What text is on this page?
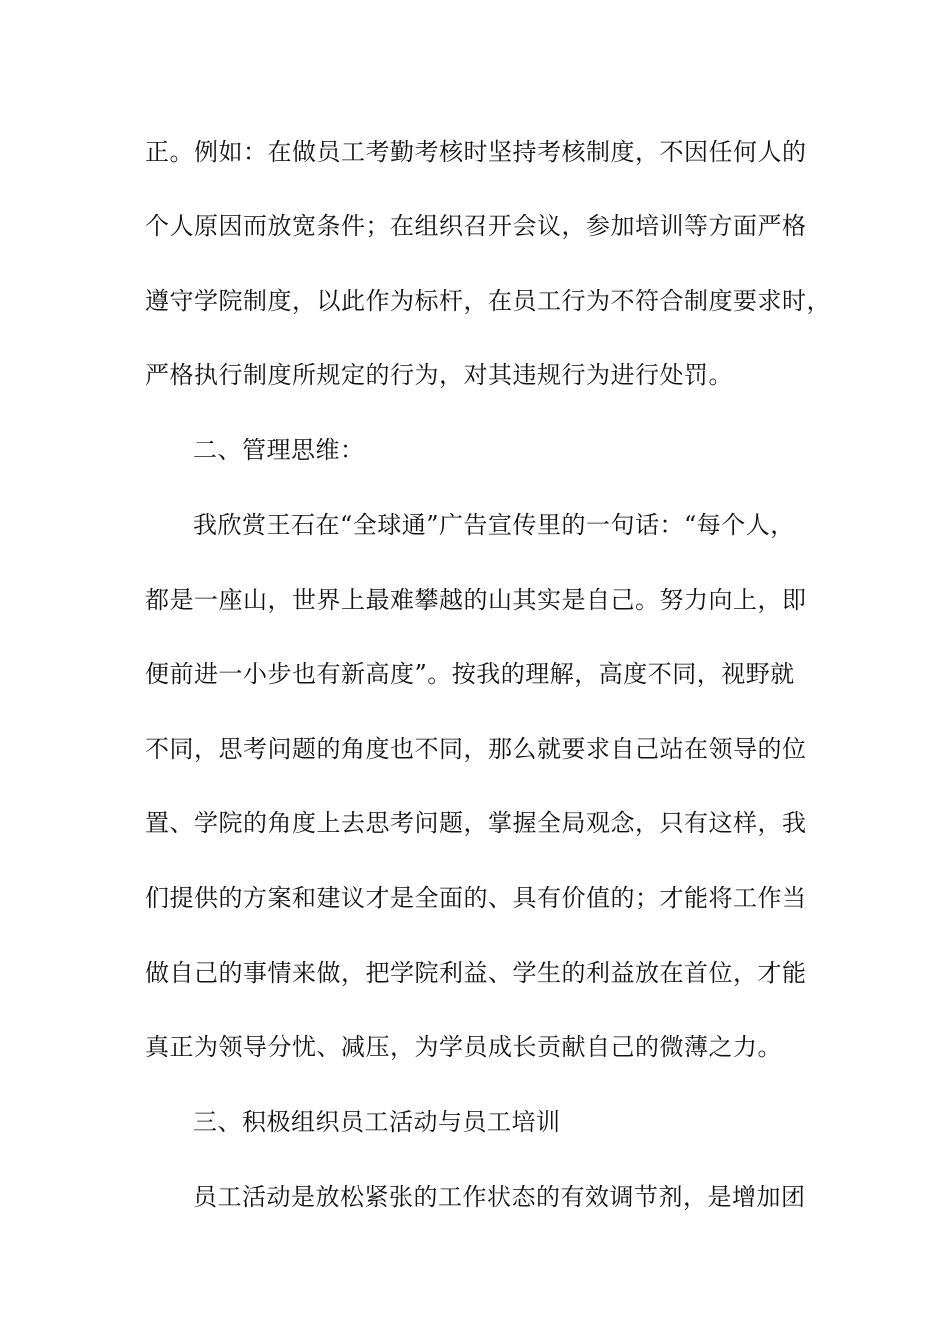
正。例如：在做员工考勤考核时坚持考核制度，不因任何人的
个人原因而放宽条件；在组织召开会议，参加培训等方面严格
遵守学院制度，以此作为标杆，在员工行为不符合制度要求时，
严格执行制度所规定的行为，对其违规行为进行处罚。
二、管理思维：
我欣赏王石在“全球通”广告宣传里的一句话：“每个人，
都是一座山，世界上最难攀越的山其实是自己。努力向上，即
便前进一小步也有新高度”。按我的理解，高度不同，视野就
不同，思考问题的角度也不同，那么就要求自己站在领导的位
置、学院的角度上去思考问题，掌握全局观念，只有这样，我
们提供的方案和建议才是全面的、具有价值的；才能将工作当
做自己的事情来做，把学院利益、学生的利益放在首位，才能
真正为领导分忧、减压，为学员成长贡献自己的微薄之力。
三、积极组织员工活动与员工培训
员工活动是放松紧张的工作状态的有效调节剂，是增加团
